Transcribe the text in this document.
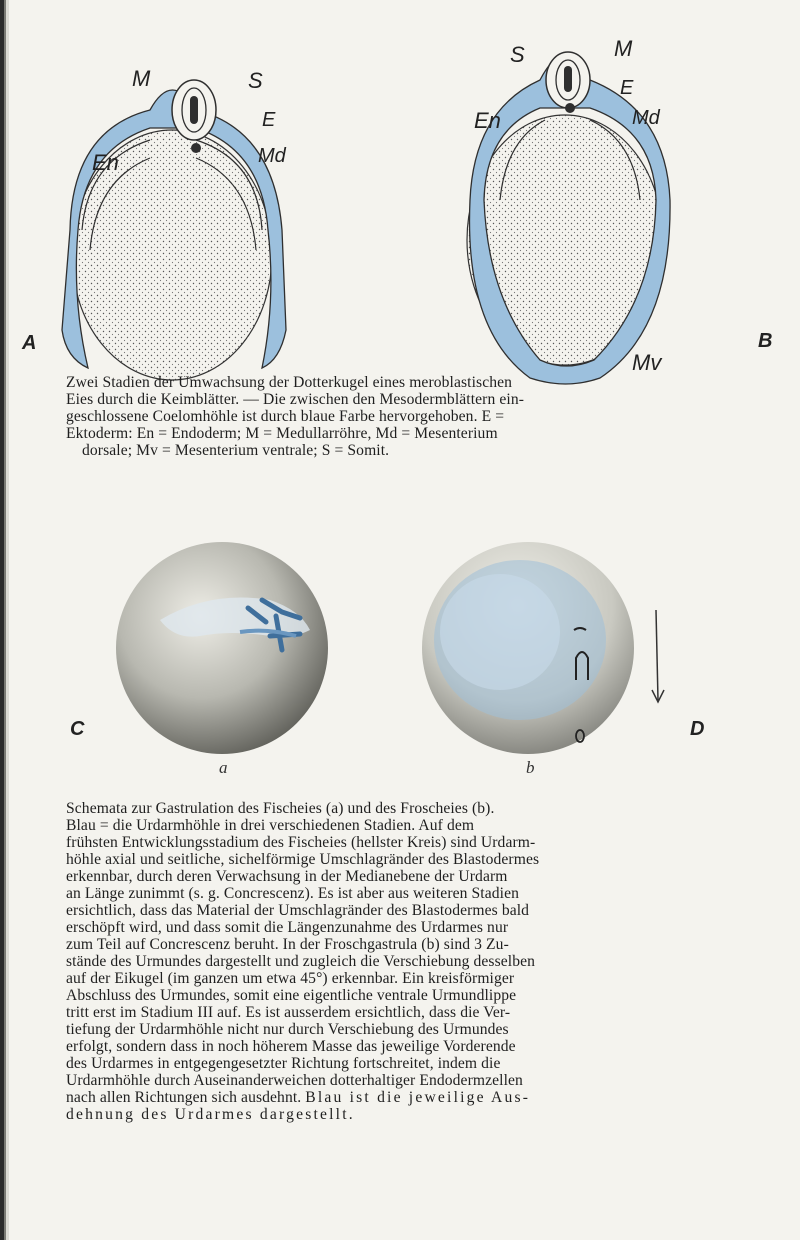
M	S
E
En	Md
S	M
E
En	Md
Mv
A	B
Zwei Stadien der Umwachsung der Dotterkugel eines meroblastischen
Eies durch die Keimblätter. — Die zwischen den Mesodermblättern ein-
geschlossene Coelomhöhle ist durch blaue Farbe hervorgehoben. E =
Ektoderm: En = Endoderm; M = Medullarröhre, Md = Mesenterium
dorsale; Mv = Mesenterium ventrale; S = Somit.
C	D
a	b
Schemata zur Gastrulation des Fischeies (a) und des Froscheies (b).
Blau = die Urdarmhöhle in drei verschiedenen Stadien. Auf dem
frühsten Entwicklungsstadium des Fischeies (hellster Kreis) sind Urdarm-
höhle axial und seitliche, sichelförmige Umschlagränder des Blastodermes
erkennbar, durch deren Verwachsung in der Medianebene der Urdarm
an Länge zunimmt (s. g. Concrescenz). Es ist aber aus weiteren Stadien
ersichtlich, dass das Material der Umschlagränder des Blastodermes bald
erschöpft wird, und dass somit die Längenzunahme des Urdarmes nur
zum Teil auf Concrescenz beruht. In der Froschgastrula (b) sind 3 Zu-
stände des Urmundes dargestellt und zugleich die Verschiebung desselben
auf der Eikugel (im ganzen um etwa 45°) erkennbar. Ein kreisförmiger
Abschluss des Urmundes, somit eine eigentliche ventrale Urmundlippe
tritt erst im Stadium III auf. Es ist ausserdem ersichtlich, dass die Ver-
tiefung der Urdarmhöhle nicht nur durch Verschiebung des Urmundes
erfolgt, sondern dass in noch höherem Masse das jeweilige Vorderende
des Urdarmes in entgegengesetzter Richtung fortschreitet, indem die
Urdarmhöhle durch Auseinanderweichen dotterhaltiger Endodermzellen
nach allen Richtungen sich ausdehnt. Blau ist die jeweilige Aus-
dehnung des Urdarmes dargestellt.
